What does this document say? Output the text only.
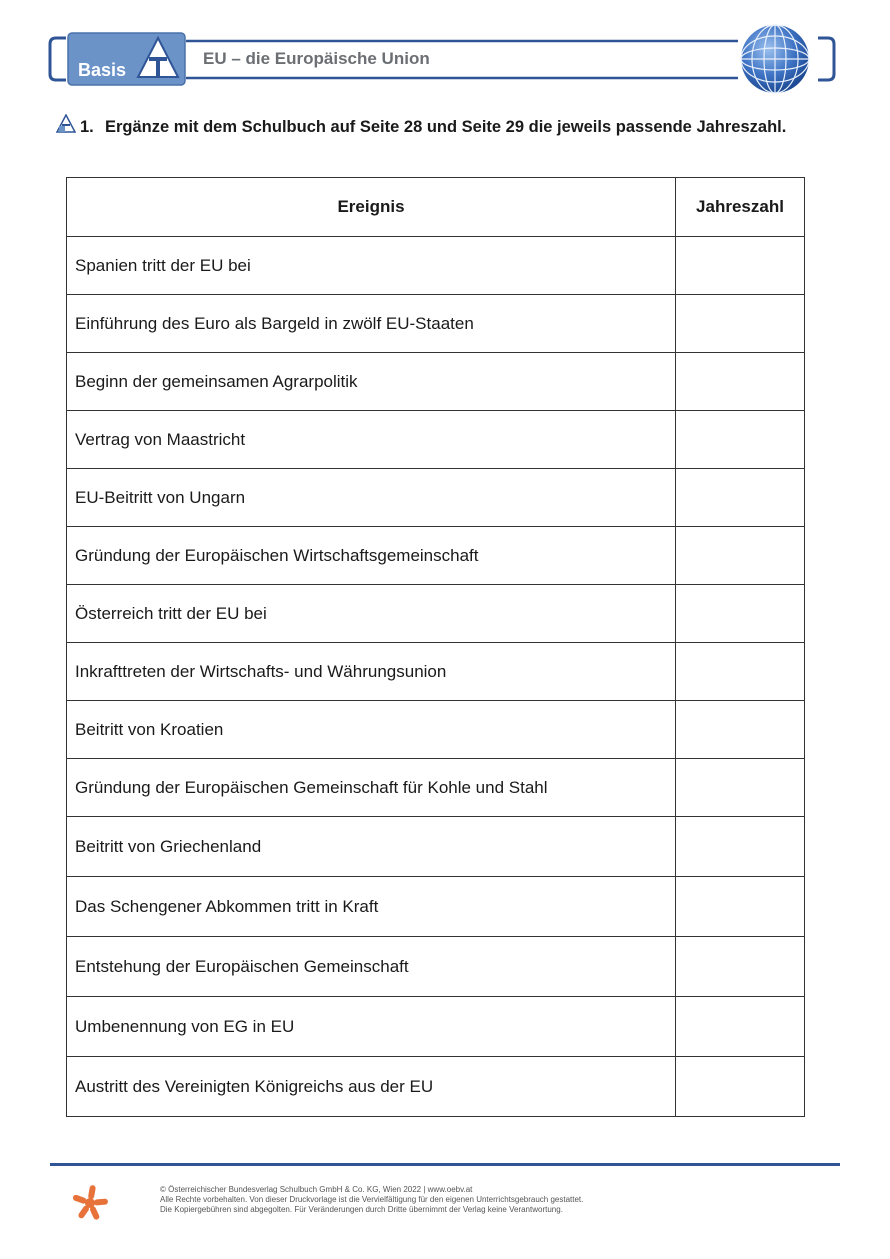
Basis
EU – die Europäische Union
1. Ergänze mit dem Schulbuch auf Seite 28 und Seite 29 die jeweils passende Jahreszahl.
Ereignis	Jahreszahl
Spanien tritt der EU bei	
Einführung des Euro als Bargeld in zwölf EU-Staaten	
Beginn der gemeinsamen Agrarpolitik	
Vertrag von Maastricht	
EU-Beitritt von Ungarn	
Gründung der Europäischen Wirtschaftsgemeinschaft	
Österreich tritt der EU bei	
Inkrafttreten der Wirtschafts- und Währungsunion	
Beitritt von Kroatien	
Gründung der Europäischen Gemeinschaft für Kohle und Stahl	
Beitritt von Griechenland	
Das Schengener Abkommen tritt in Kraft	
Entstehung der Europäischen Gemeinschaft	
Umbenennung von EG in EU	
Austritt des Vereinigten Königreichs aus der EU	
© Österreichischer Bundesverlag Schulbuch GmbH & Co. KG, Wien 2022 | www.oebv.at
Alle Rechte vorbehalten. Von dieser Druckvorlage ist die Vervielfältigung für den eigenen Unterrichtsgebrauch gestattet.
Die Kopiergebühren sind abgegolten. Für Veränderungen durch Dritte übernimmt der Verlag keine Verantwortung.
